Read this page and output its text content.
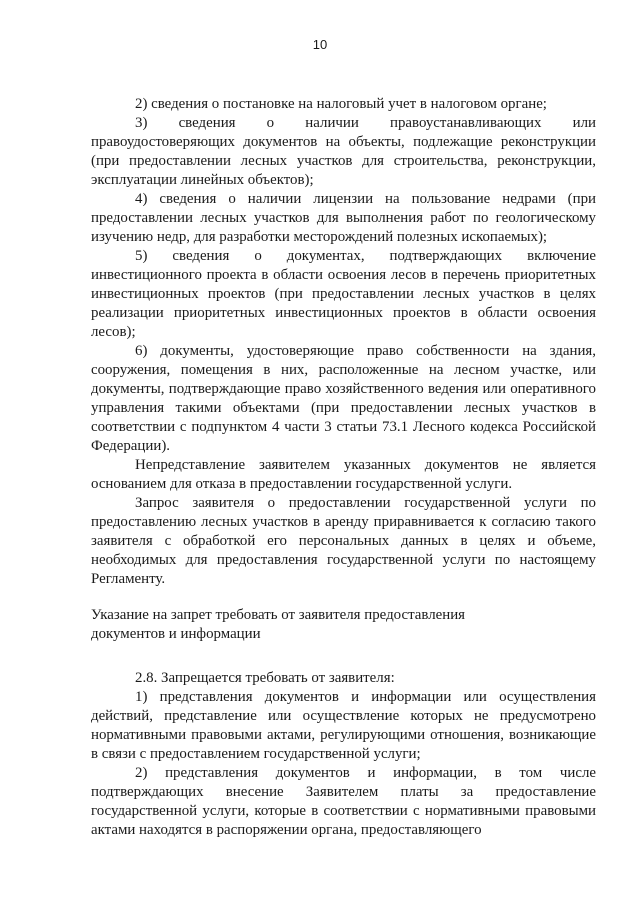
10

2) сведения о постановке на налоговый учет в налоговом органе;

3) сведения о наличии правоустанавливающих или правоудостоверяющих документов на объекты, подлежащие реконструкции (при предоставлении лесных участков для строительства, реконструкции, эксплуатации линейных объектов);

4) сведения о наличии лицензии на пользование недрами (при предоставлении лесных участков для выполнения работ по геологическому изучению недр, для разработки месторождений полезных ископаемых);

5) сведения о документах, подтверждающих включение инвестиционного проекта в области освоения лесов в перечень приоритетных инвестиционных проектов (при предоставлении лесных участков в целях реализации приоритетных инвестиционных проектов в области освоения лесов);

6) документы, удостоверяющие право собственности на здания, сооружения, помещения в них, расположенные на лесном участке, или документы, подтверждающие право хозяйственного ведения или оперативного управления такими объектами (при предоставлении лесных участков в соответствии с подпунктом 4 части 3 статьи 73.1 Лесного кодекса Российской Федерации).

Непредставление заявителем указанных документов не является основанием для отказа в предоставлении государственной услуги.

Запрос заявителя о предоставлении государственной услуги по предоставлению лесных участков в аренду приравнивается к согласию такого заявителя с обработкой его персональных данных в целях и объеме, необходимых для предоставления государственной услуги по настоящему Регламенту.

Указание на запрет требовать от заявителя предоставления
документов и информации

2.8. Запрещается требовать от заявителя:

1) представления документов и информации или осуществления действий, представление или осуществление которых не предусмотрено нормативными правовыми актами, регулирующими отношения, возникающие в связи с предоставлением государственной услуги;

2) представления документов и информации, в том числе подтверждающих внесение Заявителем платы за предоставление государственной услуги, которые в соответствии с нормативными правовыми актами находятся в распоряжении органа, предоставляющего
